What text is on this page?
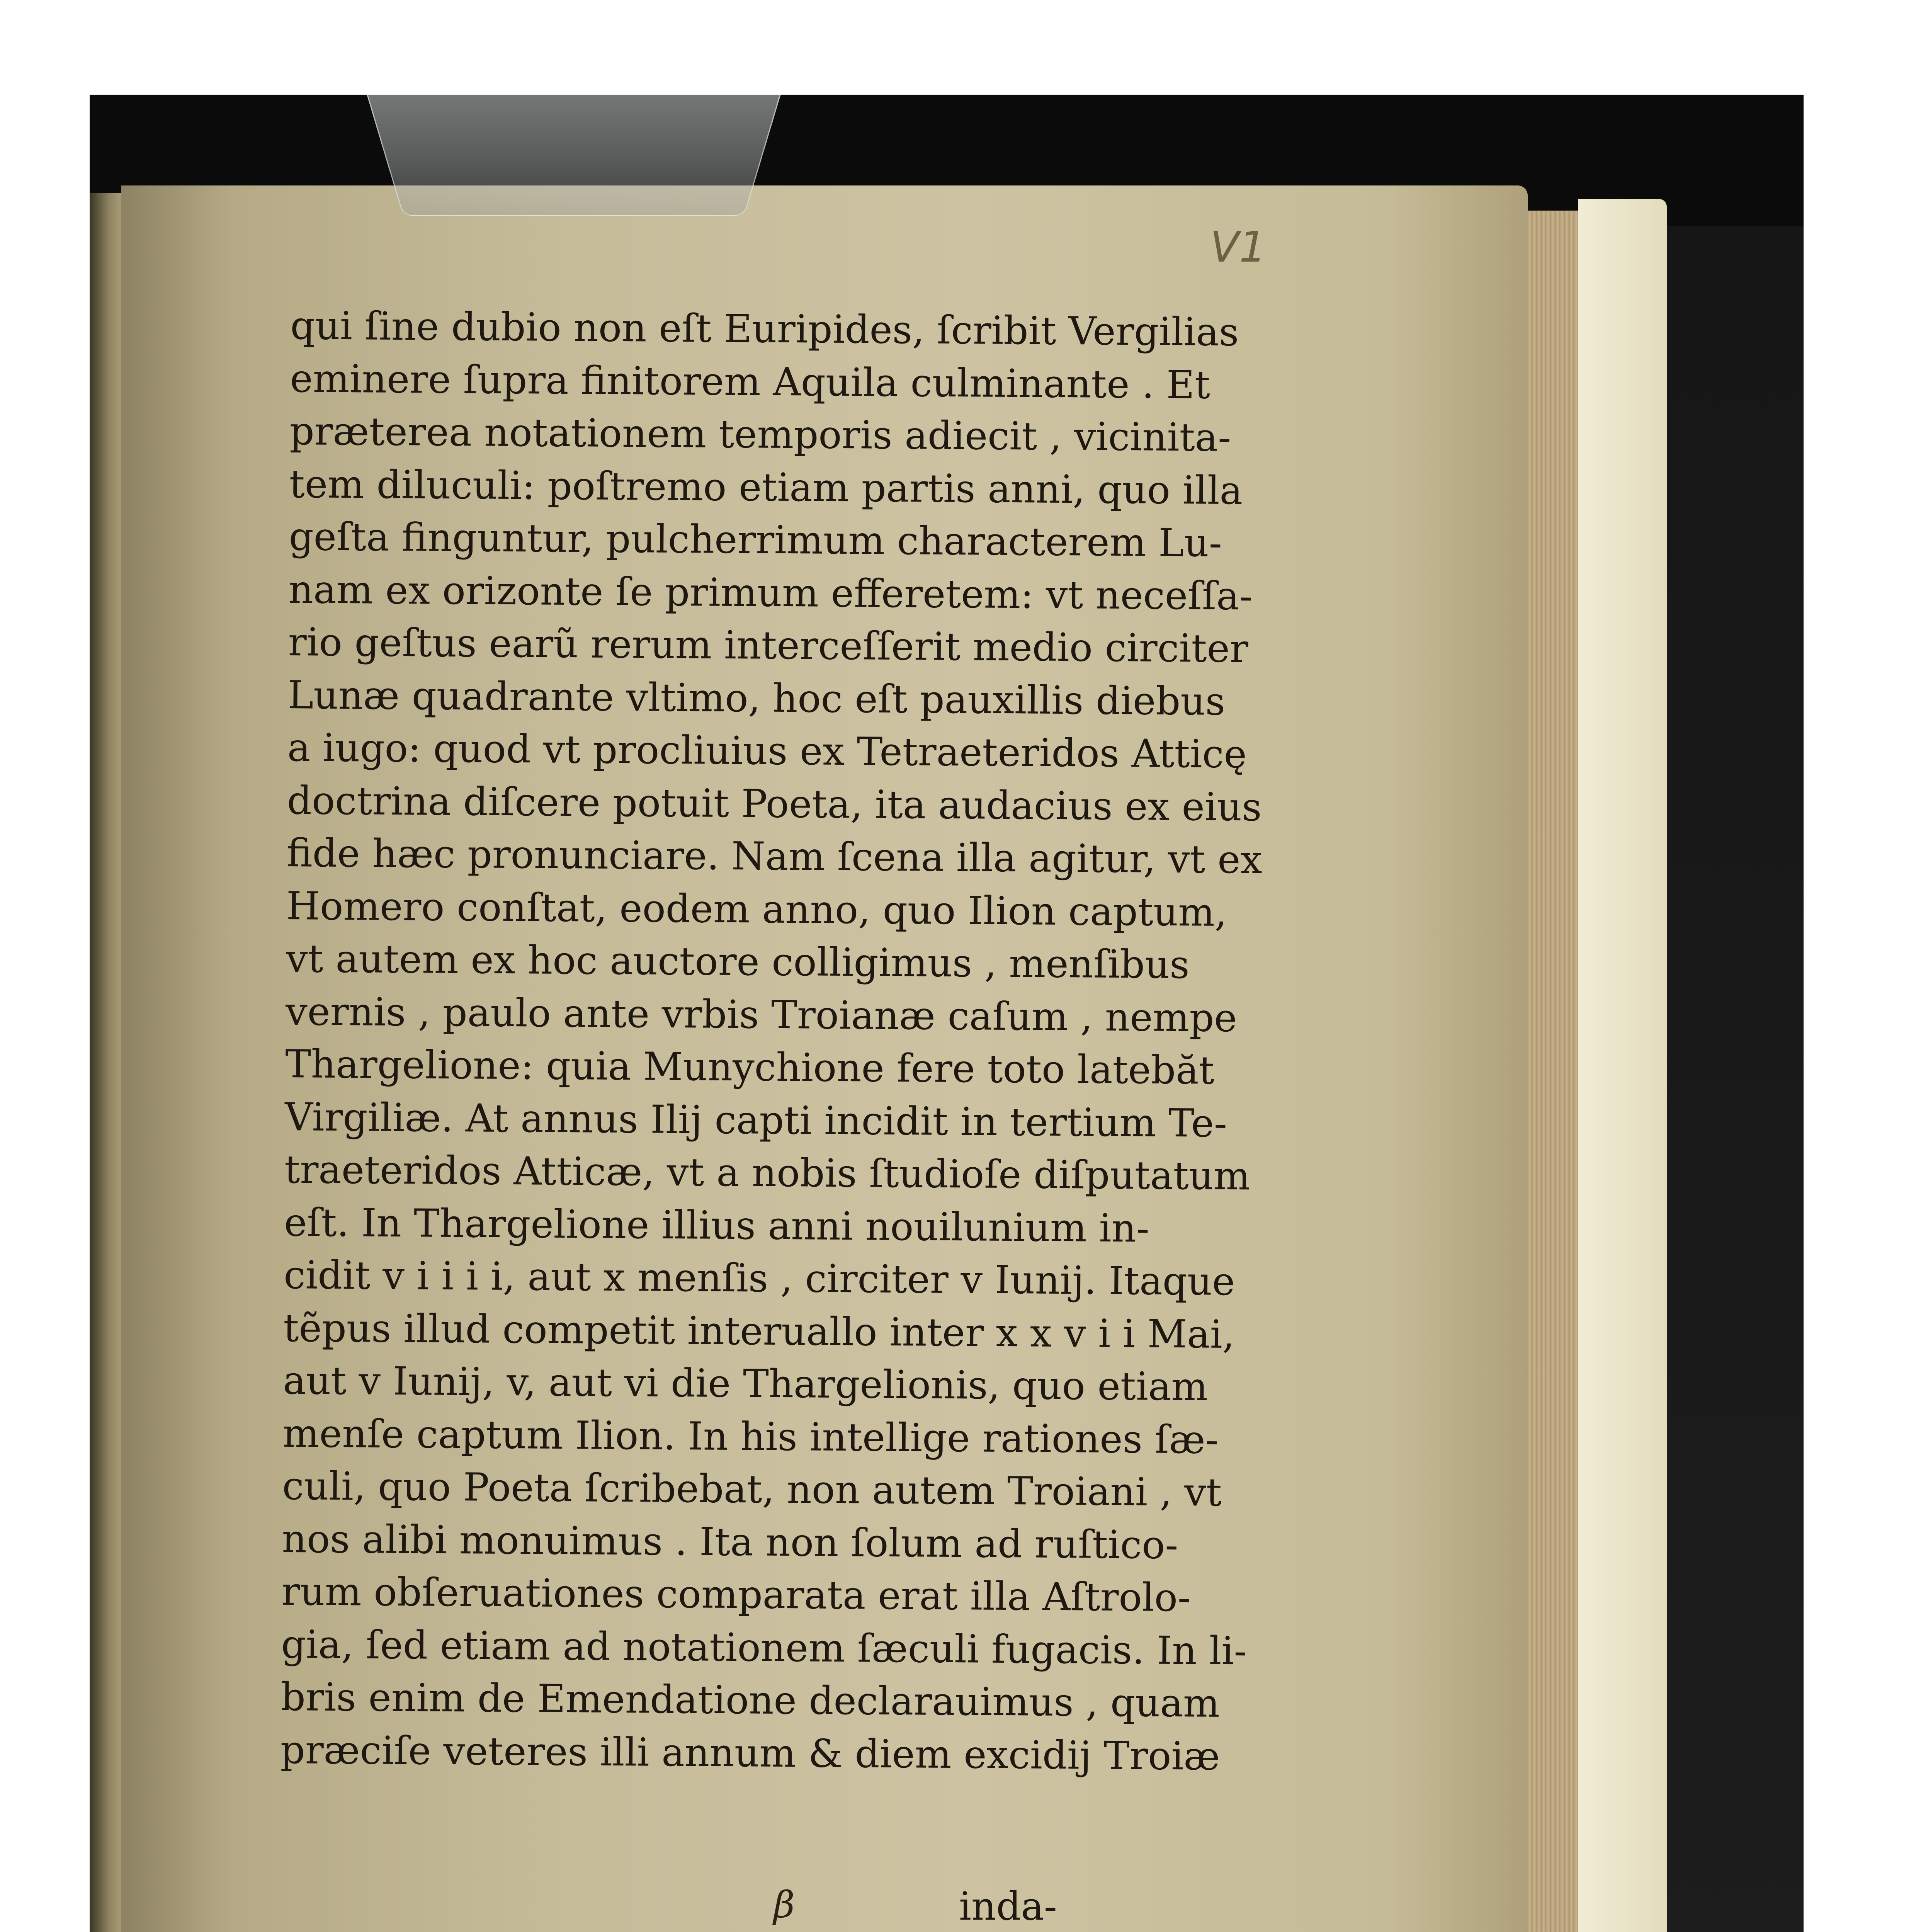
V1
qui ſine dubio non eſt Euripides, ſcribit Vergilias
eminere ſupra finitorem Aquila culminante . Et
præterea notationem temporis adiecit , vicinita-
tem diluculi: poſtremo etiam partis anni, quo illa
geſta finguntur, pulcherrimum characterem Lu-
nam ex orizonte ſe primum efferetem: vt neceſſa-
rio geſtus earũ rerum interceſſerit medio circiter
Lunæ quadrante vltimo, hoc eſt pauxillis diebus
a iugo: quod vt procliuius ex Tetraeteridos Atticę
doctrina diſcere potuit Poeta, ita audacius ex eius
fide hæc pronunciare. Nam ſcena illa agitur, vt ex
Homero conſtat, eodem anno, quo Ilion captum,
vt autem ex hoc auctore colligimus , menſibus
vernis , paulo ante vrbis Troianæ caſum , nempe
Thargelione: quia Munychione fere toto latebăt
Virgiliæ. At annus Ilij capti incidit in tertium Te-
traeteridos Atticæ, vt a nobis ſtudioſe diſputatum
eſt. In Thargelione illius anni nouilunium in-
cidit v i i i i, aut x menſis , circiter v Iunij. Itaque
tẽpus illud competit interuallo inter x x v i i Mai,
aut v Iunij, v, aut vi die Thargelionis, quo etiam
menſe captum Ilion. In his intellige rationes ſæ-
culi, quo Poeta ſcribebat, non autem Troiani , vt
nos alibi monuimus . Ita non ſolum ad ruſtico-
rum obſeruationes comparata erat illa Aſtrolo-
gia, ſed etiam ad notationem ſæculi fugacis. In li-
bris enim de Emendatione declarauimus , quam
præciſe veteres illi annum & diem excidij Troiæ
β	inda-
